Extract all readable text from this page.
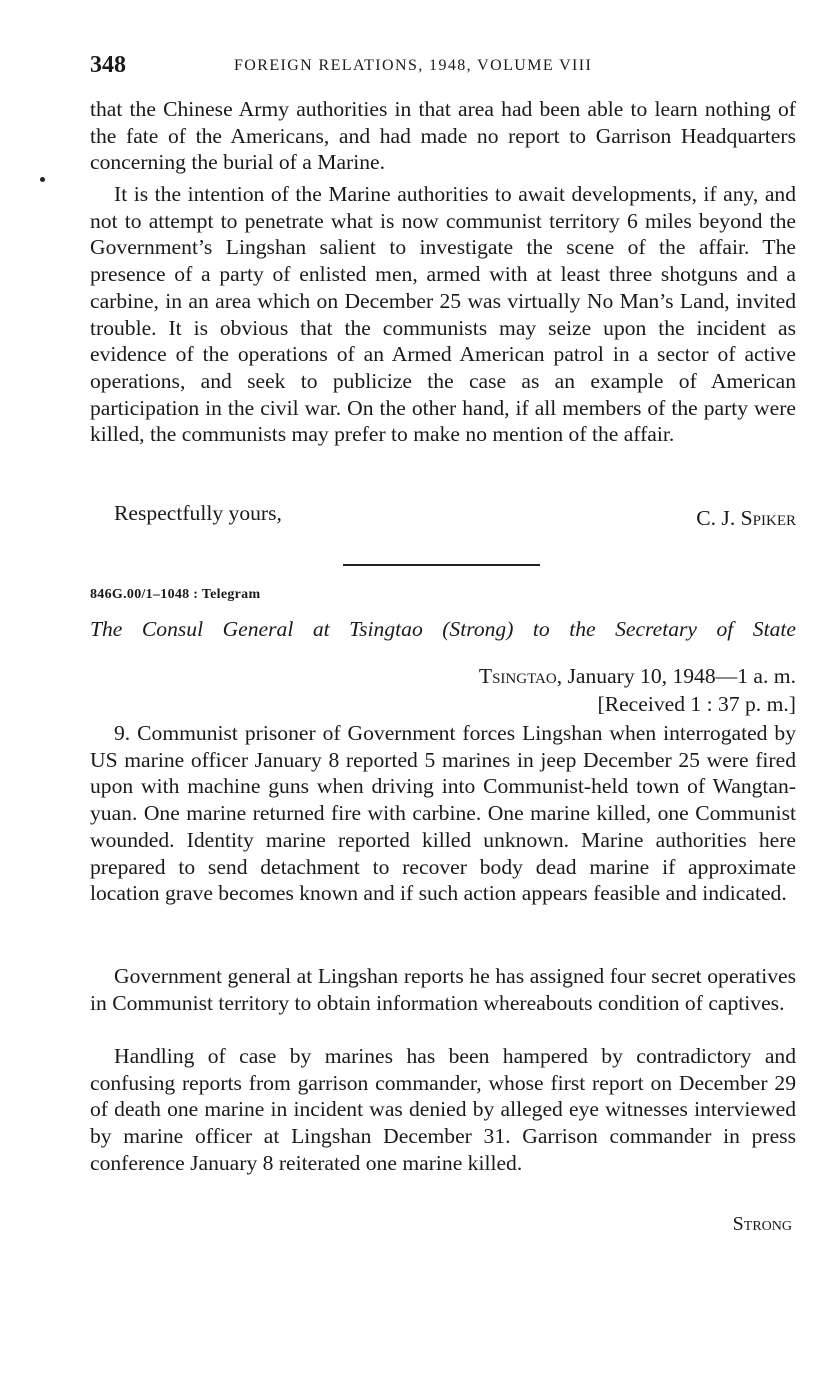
348	FOREIGN RELATIONS, 1948, VOLUME VIII

that the Chinese Army authorities in that area had been able to learn nothing of the fate of the Americans, and had made no report to Garrison Headquarters concerning the burial of a Marine.

It is the intention of the Marine authorities to await developments, if any, and not to attempt to penetrate what is now communist territory 6 miles beyond the Government’s Lingshan salient to investigate the scene of the affair. The presence of a party of enlisted men, armed with at least three shotguns and a carbine, in an area which on December 25 was virtually No Man’s Land, invited trouble. It is obvious that the communists may seize upon the incident as evidence of the operations of an Armed American patrol in a sector of active operations, and seek to publicize the case as an example of American participation in the civil war. On the other hand, if all members of the party were killed, the communists may prefer to make no mention of the affair.

Respectfully yours,	C. J. Spiker
846G.00/1–1048 : Telegram
The Consul General at Tsingtao (Strong) to the Secretary of State
Tsingtao, January 10, 1948—1 a. m.
[Received 1 : 37 p. m.]

9. Communist prisoner of Government forces Lingshan when interrogated by US marine officer January 8 reported 5 marines in jeep December 25 were fired upon with machine guns when driving into Communist-held town of Wangtan-yuan. One marine returned fire with carbine. One marine killed, one Communist wounded. Identity marine reported killed unknown. Marine authorities here prepared to send detachment to recover body dead marine if approximate location grave becomes known and if such action appears feasible and indicated.

Government general at Lingshan reports he has assigned four secret operatives in Communist territory to obtain information whereabouts condition of captives.

Handling of case by marines has been hampered by contradictory and confusing reports from garrison commander, whose first report on December 29 of death one marine in incident was denied by alleged eye witnesses interviewed by marine officer at Lingshan December 31. Garrison commander in press conference January 8 reiterated one marine killed.

Strong
